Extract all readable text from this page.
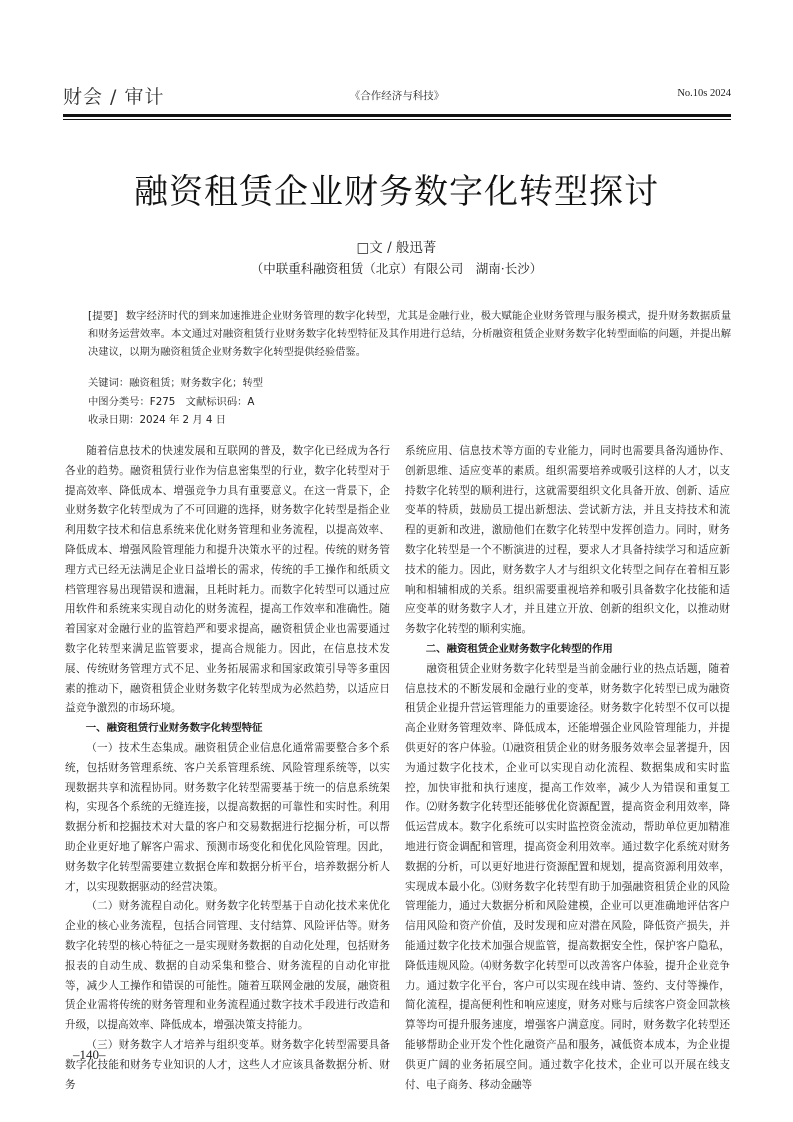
财会 / 审计	《合作经济与科技》	No.10s 2024
融资租赁企业财务数字化转型探讨
□文 / 般迅菁
（中联重科融资租赁（北京）有限公司　湖南·长沙）
[提要] 数字经济时代的到来加速推进企业财务管理的数字化转型，尤其是金融行业，极大赋能企业财务管理与服务模式，提升财务数据质量和财务运营效率。本文通过对融资租赁行业财务数字化转型特征及其作用进行总结，分析融资租赁企业财务数字化转型面临的问题，并提出解决建议，以期为融资租赁企业财务数字化转型提供经验借鉴。
关键词：融资租赁；财务数字化；转型
中图分类号：F275　文献标识码：A
收录日期：2024 年 2 月 4 日

随着信息技术的快速发展和互联网的普及，数字化已经成为各行各业的趋势。融资租赁行业作为信息密集型的行业，数字化转型对于提高效率、降低成本、增强竞争力具有重要意义。在这一背景下，企业财务数字化转型成为了不可回避的选择，财务数字化转型是指企业利用数字技术和信息系统来优化财务管理和业务流程，以提高效率、降低成本、增强风险管理能力和提升决策水平的过程。传统的财务管理方式已经无法满足企业日益增长的需求，传统的手工操作和纸质文档管理容易出现错误和遗漏，且耗时耗力。而数字化转型可以通过应用软件和系统来实现自动化的财务流程，提高工作效率和准确性。随着国家对金融行业的监管趋严和要求提高，融资租赁企业也需要通过数字化转型来满足监管要求，提高合规能力。因此，在信息技术发展、传统财务管理方式不足、业务拓展需求和国家政策引导等多重因素的推动下，融资租赁企业财务数字化转型成为必然趋势，以适应日益竞争激烈的市场环境。

一、融资租赁行业财务数字化转型特征

（一）技术生态集成。融资租赁企业信息化通常需要整合多个系统，包括财务管理系统、客户关系管理系统、风险管理系统等，以实现数据共享和流程协同。财务数字化转型需要基于统一的信息系统架构，实现各个系统的无缝连接，以提高数据的可靠性和实时性。利用数据分析和挖掘技术对大量的客户和交易数据进行挖掘分析，可以帮助企业更好地了解客户需求、预测市场变化和优化风险管理。因此，财务数字化转型需要建立数据仓库和数据分析平台，培养数据分析人才，以实现数据驱动的经营决策。

（二）财务流程自动化。财务数字化转型基于自动化技术来优化企业的核心业务流程，包括合同管理、支付结算、风险评估等。财务数字化转型的核心特征之一是实现财务数据的自动化处理，包括财务报表的自动生成、数据的自动采集和整合、财务流程的自动化审批等，减少人工操作和错误的可能性。随着互联网金融的发展，融资租赁企业需将传统的财务管理和业务流程通过数字技术手段进行改造和升级，以提高效率、降低成本，增强决策支持能力。

（三）财务数字人才培养与组织变革。财务数字化转型需要具备数字化技能和财务专业知识的人才，这些人才应该具备数据分析、财务

系统应用、信息技术等方面的专业能力，同时也需要具备沟通协作、创新思维、适应变革的素质。组织需要培养或吸引这样的人才，以支持数字化转型的顺利进行，这就需要组织文化具备开放、创新、适应变革的特质，鼓励员工提出新想法、尝试新方法，并且支持技术和流程的更新和改进，激励他们在数字化转型中发挥创造力。同时，财务数字化转型是一个不断演进的过程，要求人才具备持续学习和适应新技术的能力。因此，财务数字人才与组织文化转型之间存在着相互影响和相辅相成的关系。组织需要重视培养和吸引具备数字化技能和适应变革的财务数字人才，并且建立开放、创新的组织文化，以推动财务数字化转型的顺利实施。

二、融资租赁企业财务数字化转型的作用

融资租赁企业财务数字化转型是当前金融行业的热点话题，随着信息技术的不断发展和金融行业的变革，财务数字化转型已成为融资租赁企业提升营运管理能力的重要途径。财务数字化转型不仅可以提高企业财务管理效率、降低成本，还能增强企业风险管理能力，并提供更好的客户体验。⑴融资租赁企业的财务服务效率会显著提升，因为通过数字化技术，企业可以实现自动化流程、数据集成和实时监控，加快审批和执行速度，提高工作效率，减少人为错误和重复工作。⑵财务数字化转型还能够优化资源配置，提高资金利用效率，降低运营成本。数字化系统可以实时监控资金流动，帮助单位更加精准地进行资金调配和管理，提高资金利用效率。通过数字化系统对财务数据的分析，可以更好地进行资源配置和规划，提高资源利用效率，实现成本最小化。⑶财务数字化转型有助于加强融资租赁企业的风险管理能力，通过大数据分析和风险建模，企业可以更准确地评估客户信用风险和资产价值，及时发现和应对潜在风险，降低资产损失，并能通过数字化技术加强合规监管，提高数据安全性，保护客户隐私，降低违规风险。⑷财务数字化转型可以改善客户体验，提升企业竞争力。通过数字化平台，客户可以实现在线申请、签约、支付等操作，简化流程，提高便利性和响应速度，财务对账与后续客户资金回款核算等均可提升服务速度，增强客户满意度。同时，财务数字化转型还能够帮助企业开发个性化融资产品和服务，减低资本成本，为企业提供更广阔的业务拓展空间。通过数字化技术，企业可以开展在线支付、电子商务、移动金融等

–140–
